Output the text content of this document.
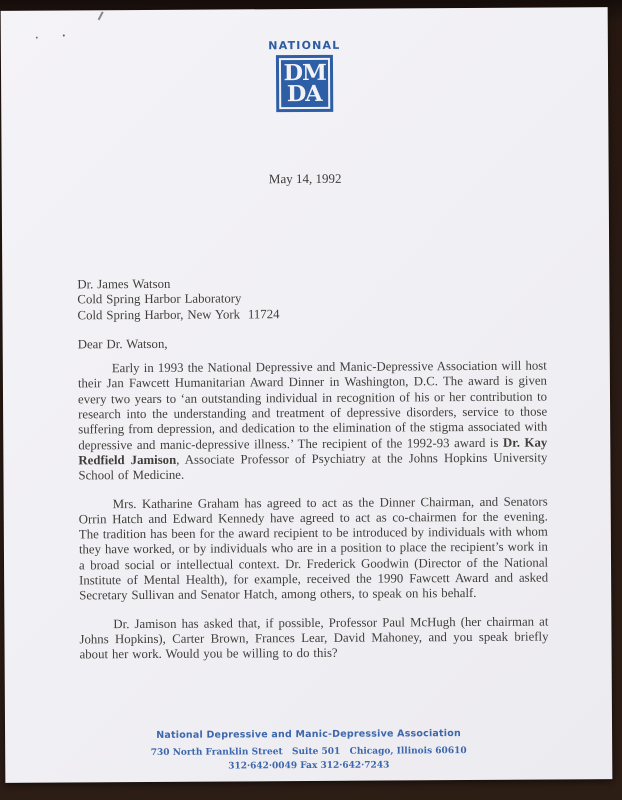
NATIONAL
DM
DA
May 14, 1992
Dr. James Watson
Cold Spring Harbor Laboratory
Cold Spring Harbor, New York  11724
Dear Dr. Watson,

Early in 1993 the National Depressive and Manic-Depressive Association will host their Jan Fawcett Humanitarian Award Dinner in Washington, D.C. The award is given every two years to ‘an outstanding individual in recognition of his or her contribution to research into the understanding and treatment of depressive disorders, service to those suffering from depression, and dedication to the elimination of the stigma associated with depressive and manic-depressive illness.’ The recipient of the 1992-93 award is Dr. Kay Redfield Jamison, Associate Professor of Psychiatry at the Johns Hopkins University School of Medicine.

Mrs. Katharine Graham has agreed to act as the Dinner Chairman, and Senators Orrin Hatch and Edward Kennedy have agreed to act as co-chairmen for the evening. The tradition has been for the award recipient to be introduced by individuals with whom they have worked, or by individuals who are in a position to place the recipient’s work in a broad social or intellectual context. Dr. Frederick Goodwin (Director of the National Institute of Mental Health), for example, received the 1990 Fawcett Award and asked Secretary Sullivan and Senator Hatch, among others, to speak on his behalf.

Dr. Jamison has asked that, if possible, Professor Paul McHugh (her chairman at Johns Hopkins), Carter Brown, Frances Lear, David Mahoney, and you speak briefly about her work. Would you be willing to do this?

National Depressive and Manic-Depressive Association
730 North Franklin Street   Suite 501   Chicago, Illinois 60610
312·642·0049 Fax 312·642·7243
